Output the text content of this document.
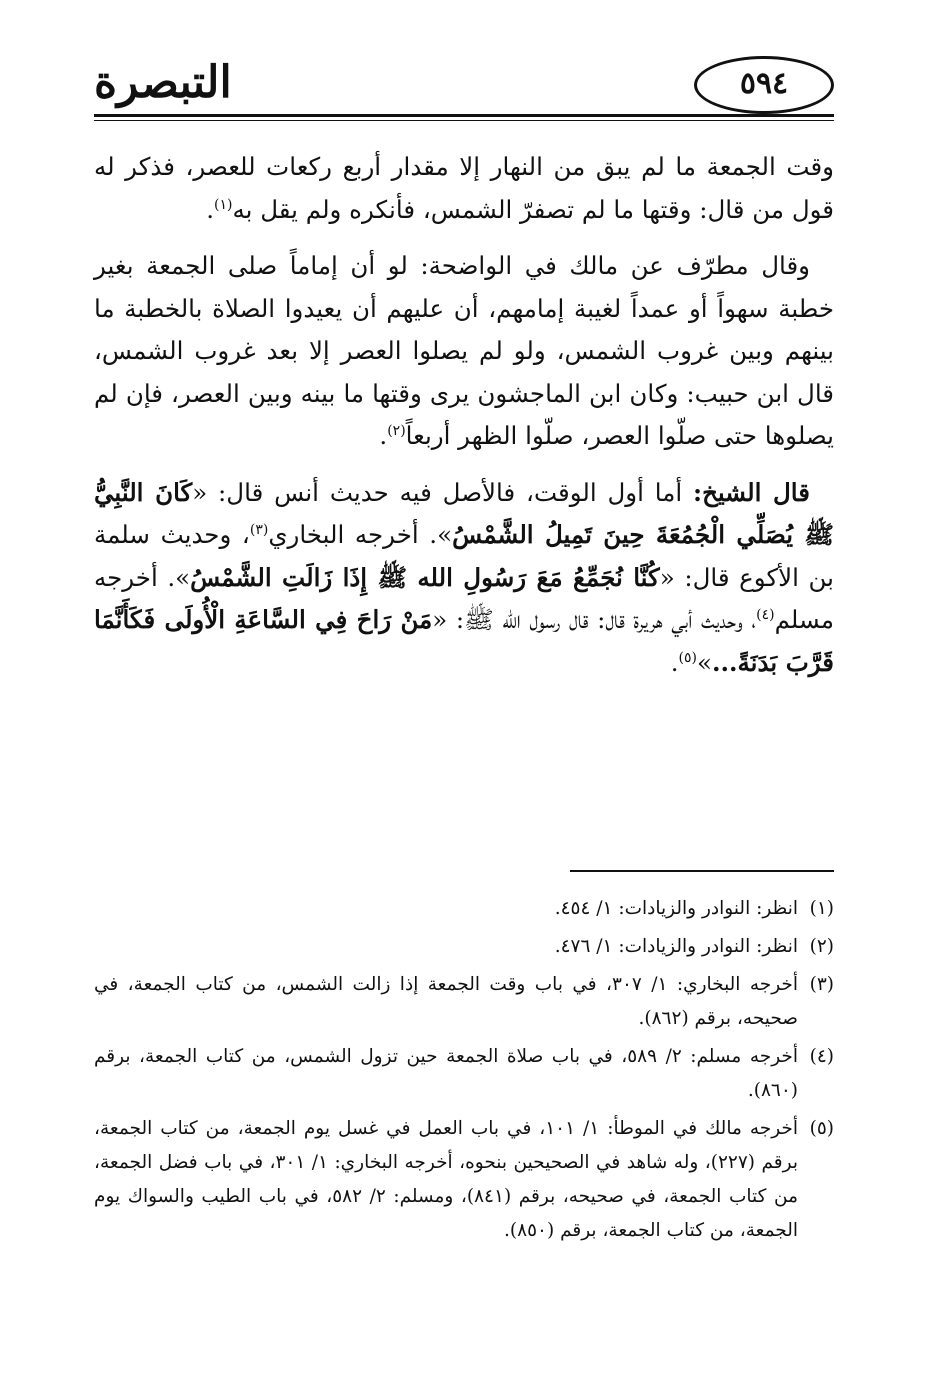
التبصرة	٥٩٤

وقت الجمعة ما لم يبق من النهار إلا مقدار أربع ركعات للعصر، فذكر له قول من قال: وقتها ما لم تصفرّ الشمس، فأنكره ولم يقل به$^{(١)}$.

وقال مطرّف عن مالك في الواضحة: لو أن إماماً صلى الجمعة بغير خطبة سهواً أو عمداً لغيبة إمامهم، أن عليهم أن يعيدوا الصلاة بالخطبة ما بينهم وبين غروب الشمس، ولو لم يصلوا العصر إلا بعد غروب الشمس، قال ابن حبيب: وكان ابن الماجشون يرى وقتها ما بينه وبين العصر، فإن لم يصلوها حتى صلّوا العصر، صلّوا الظهر أربعاً$^{(٢)}$.

قال الشيخ: أما أول الوقت، فالأصل فيه حديث أنس قال: «كَانَ النَّبِيُّ ﷺ يُصَلِّي الْجُمُعَةَ حِينَ تَمِيلُ الشَّمْسُ». أخرجه البخاري$^{(٣)}$، وحديث سلمة بن الأكوع قال: «كُنَّا نُجَمِّعُ مَعَ رَسُولِ الله ﷺ إِذَا زَالَتِ الشَّمْسُ». أخرجه مسلم$^{(٤)}$، وحديث أبي هريرة قال: قال رسول الله ﷺ: «مَنْ رَاحَ فِي السَّاعَةِ الْأُولَى فَكَأَنَّمَا قَرَّبَ بَدَنَةً...»$^{(٥)}$.

(١)
انظر: النوادر والزيادات: ١/ ٤٥٤.
(٢)
انظر: النوادر والزيادات: ١/ ٤٧٦.
(٣)
أخرجه البخاري: ١/ ٣٠٧، في باب وقت الجمعة إذا زالت الشمس، من كتاب الجمعة، في صحيحه، برقم (٨٦٢).
(٤)
أخرجه مسلم: ٢/ ٥٨٩، في باب صلاة الجمعة حين تزول الشمس، من كتاب الجمعة، برقم (٨٦٠).
(٥)
أخرجه مالك في الموطأ: ١/ ١٠١، في باب العمل في غسل يوم الجمعة، من كتاب الجمعة، برقم (٢٢٧)، وله شاهد في الصحيحين بنحوه، أخرجه البخاري: ١/ ٣٠١، في باب فضل الجمعة، من كتاب الجمعة، في صحيحه، برقم (٨٤١)، ومسلم: ٢/ ٥٨٢، في باب الطيب والسواك يوم الجمعة، من كتاب الجمعة، برقم (٨٥٠).
